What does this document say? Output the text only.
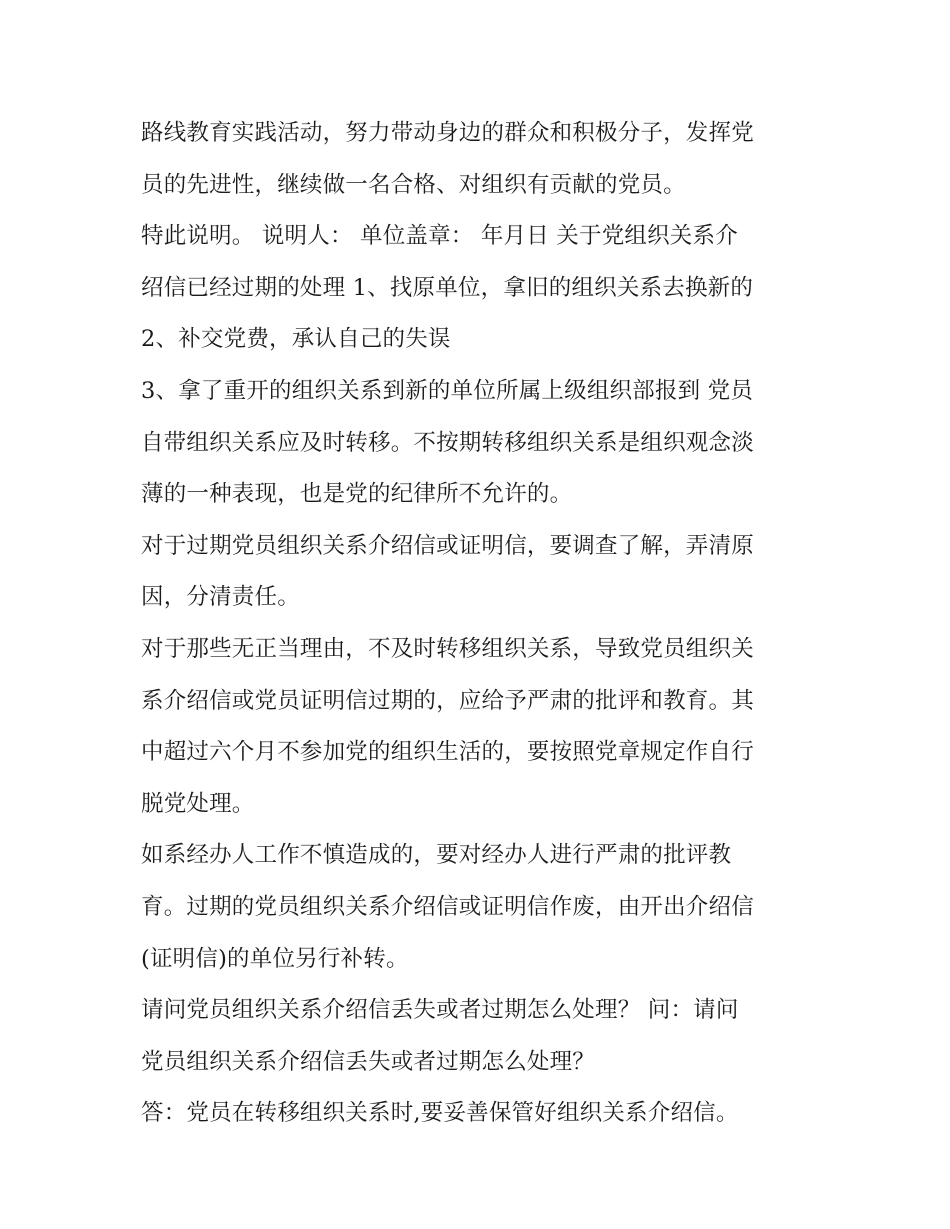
路线教育实践活动，努力带动身边的群众和积极分子，发挥党
员的先进性，继续做一名合格、对组织有贡献的党员。
特此说明。 说明人： 单位盖章： 年月日 关于党组织关系介
绍信已经过期的处理 1、找原单位，拿旧的组织关系去换新的
2、补交党费，承认自己的失误
3、拿了重开的组织关系到新的单位所属上级组织部报到 党员
自带组织关系应及时转移。不按期转移组织关系是组织观念淡
薄的一种表现，也是党的纪律所不允许的。
对于过期党员组织关系介绍信或证明信，要调查了解，弄清原
因，分清责任。
对于那些无正当理由，不及时转移组织关系，导致党员组织关
系介绍信或党员证明信过期的，应给予严肃的批评和教育。其
中超过六个月不参加党的组织生活的，要按照党章规定作自行
脱党处理。
如系经办人工作不慎造成的，要对经办人进行严肃的批评教
育。过期的党员组织关系介绍信或证明信作废，由开出介绍信
(证明信)的单位另行补转。
请问党员组织关系介绍信丢失或者过期怎么处理？ 问：请问
党员组织关系介绍信丢失或者过期怎么处理？
答：党员在转移组织关系时,要妥善保管好组织关系介绍信。
